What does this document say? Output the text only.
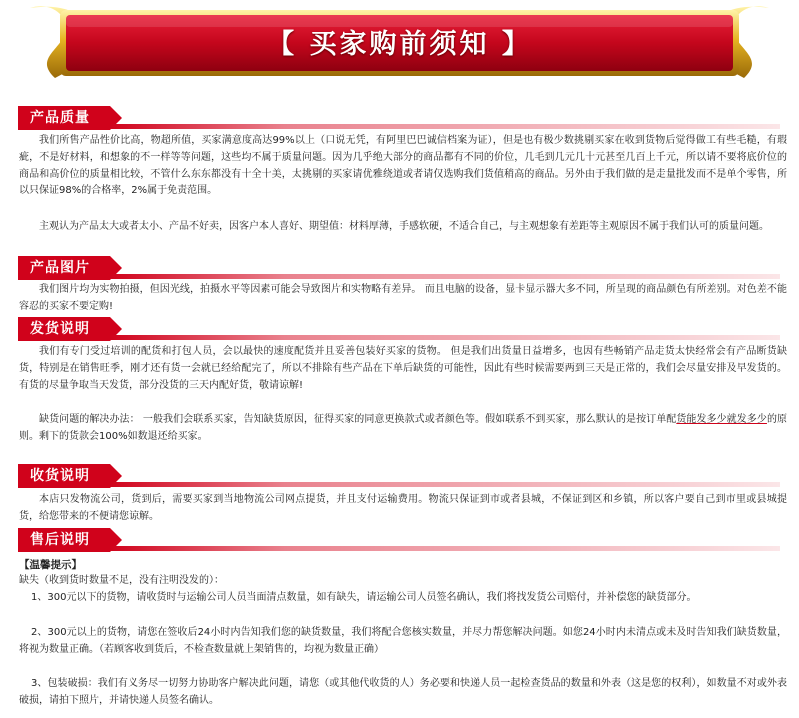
【 买家购前须知 】
产品质量

我们所售产品性价比高，物超所值，买家满意度高达99%以上（口说无凭，有阿里巴巴诚信档案为证），但是也有极少数挑剔买家在收到货物后觉得做工有些毛糙，有瑕疵，不是好材料，和想象的不一样等等问题，这些均不属于质量问题。因为几乎绝大部分的商品都有不同的价位，几毛到几元几十元甚至几百上千元，所以请不要将底价位的商品和高价位的质量相比较，不管什么东东都没有十全十美，太挑剔的买家请优雅绕道或者请仅选购我们货值稍高的商品。另外由于我们做的是走量批发而不是单个零售，所以只保证98%的合格率，2%属于免责范围。

主观认为产品太大或者太小、产品不好卖，因客户本人喜好、期望值：材料厚薄，手感软硬，不适合自己，与主观想象有差距等主观原因不属于我们认可的质量问题。

产品图片

我们图片均为实物拍摄，但因光线，拍摄水平等因素可能会导致图片和实物略有差异。 而且电脑的设备，显卡显示器大多不同，所呈现的商品颜色有所差别。对色差不能容忍的买家不要定购!

发货说明

我们有专门受过培训的配货和打包人员，会以最快的速度配货并且妥善包装好买家的货物。 但是我们出货量日益增多，也因有些畅销产品走货太快经常会有产品断货缺货，特别是在销售旺季，刚才还有货一会就已经给配完了，所以不排除有些产品在下单后缺货的可能性，因此有些时候需要两到三天是正常的，我们会尽量安排及早发货的。有货的尽量争取当天发货，部分没货的三天内配好货，敬请谅解!

缺货问题的解决办法： 一般我们会联系买家，告知缺货原因，征得买家的同意更换款式或者颜色等。假如联系不到买家，那么默认的是按订单配货能发多少就发多少的原则。剩下的货款会100%如数退还给买家。

收货说明

本店只发物流公司，货到后，需要买家到当地物流公司网点提货，并且支付运输费用。物流只保证到市或者县城，不保证到区和乡镇，所以客户要自己到市里或县城提货，给您带来的不便请您谅解。

售后说明
【温馨提示】

缺失（收到货时数量不足，没有注明没发的）：

1、300元以下的货物，请收货时与运输公司人员当面清点数量，如有缺失，请运输公司人员签名确认，我们将找发货公司赔付，并补偿您的缺货部分。

2、300元以上的货物，请您在签收后24小时内告知我们您的缺货数量，我们将配合您核实数量，并尽力帮您解决问题。如您24小时内未清点或未及时告知我们缺货数量，将视为数量正确。（若顾客收到货后，不检查数量就上架销售的，均视为数量正确）

3、包装破损：我们有义务尽一切努力协助客户解决此问题，请您（或其他代收货的人）务必要和快递人员一起检查货品的数量和外表（这是您的权利），如数量不对或外表破损，请拍下照片，并请快递人员签名确认。
